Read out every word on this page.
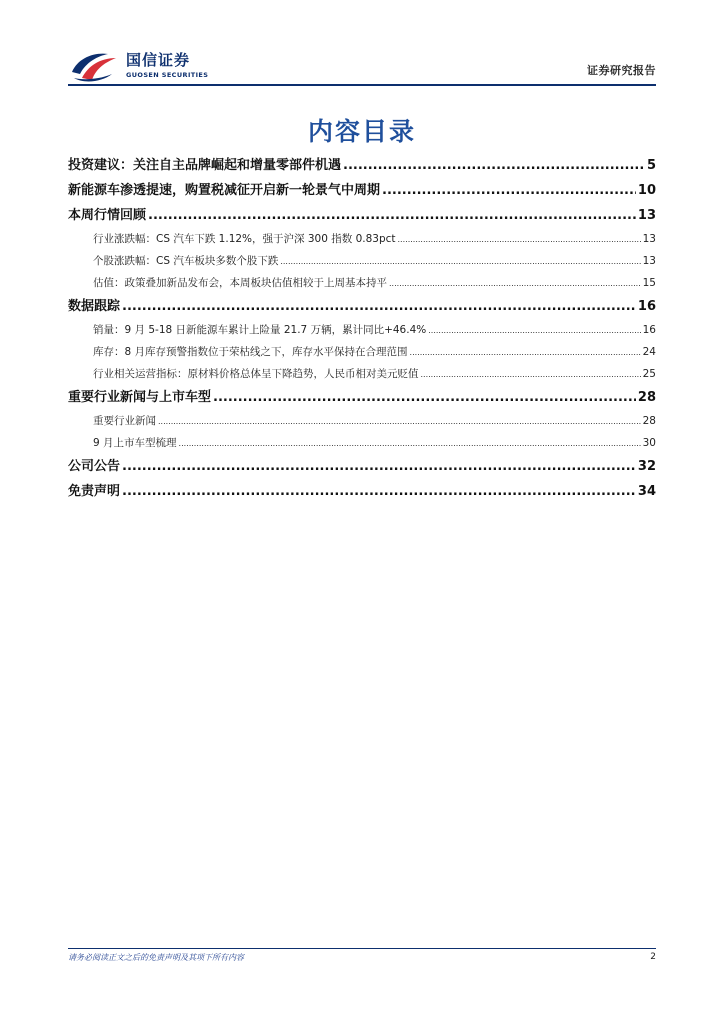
国信证券
GUOSEN SECURITIES	证券研究报告
内容目录
投资建议：关注自主品牌崛起和增量零部件机遇 .....	5
新能源车渗透提速，购置税减征开启新一轮景气中周期 .....	10
本周行情回顾 .....	13
行业涨跌幅：CS 汽车下跌 1.12%，强于沪深 300 指数 0.83pct .....	13
个股涨跌幅：CS 汽车板块多数个股下跌 .....	13
估值：政策叠加新品发布会，本周板块估值相较于上周基本持平 .....	15
数据跟踪 .....	16
销量：9 月 5-18 日新能源车累计上险量 21.7 万辆，累计同比+46.4% .....	16
库存：8 月库存预警指数位于荣枯线之下，库存水平保持在合理范围 .....	24
行业相关运营指标：原材料价格总体呈下降趋势，人民币相对美元贬值 .....	25
重要行业新闻与上市车型 .....	28
重要行业新闻 .....	28
9 月上市车型梳理 .....	30
公司公告 .....	32
免责声明 .....	34
请务必阅读正文之后的免责声明及其项下所有内容	2
